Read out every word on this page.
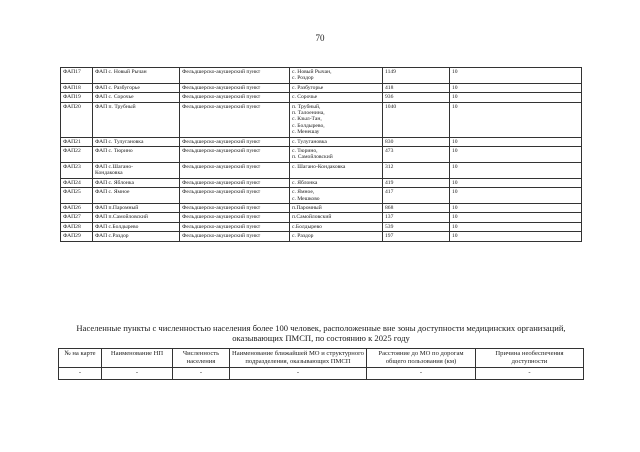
70
ФАП17	ФАП с. Новый Рычан	Фельдшерско-акушерский пункт	с. Новый Рычан,
с. Роздор	1149	10
ФАП18	ФАП с. Разбугорье	Фельдшерско-акушерский пункт	с. Разбугорье	418	10
ФАП19	ФАП с. Сорочье	Фельдшерско-акушерский пункт	с. Сорочье	936	10
ФАП20	ФАП п. Трубный	Фельдшерско-акушерский пункт	п. Трубный,
п. Талоенина,
с. Кзыл-Тан,
с. Болдырево,
с. Менешау	1040	10
ФАП21	ФАП с. Тулугановка	Фельдшерско-акушерский пункт	с. Тулугановка	830	10
ФАП22	ФАП с. Тюрино	Фельдшерско-акушерский пункт	с. Тюрино,
п. Самойловский	473	10
ФАП23	ФАП с.Шагано-
Кондаковка	Фельдшерско-акушерский пункт	с. Шагано-Кондаковка	312	10
ФАП24	ФАП с. Яблонка	Фельдшерско-акушерский пункт	с. Яблонка	419	10
ФАП25	ФАП с. Ямное	Фельдшерско-акушерский пункт	с. Ямное,
с. Мешково	417	10
ФАП26	ФАП п.Паромный	Фельдшерско-акушерский пункт	п.Паромный	868	10
ФАП27	ФАП п.Самойловский	Фельдшерско-акушерский пункт	п.Самойловский	137	10
ФАП28	ФАП с.Болдырево	Фельдшерско-акушерский пункт	с.Болдырево	539	10
ФАП29	ФАП с.Раздор	Фельдшерско-акушерский пункт	с. Раздор	197	10
Населенные пункты с численностью населения более 100 человек, расположенные вне зоны доступности медицинских организаций, оказывающих ПМСП, по состоянию к 2025 году
№ на карте	Наименование НП	Численность населения	Наименование ближайшей МО и структурного подразделения, оказывающих ПМСП	Расстояние до МО по дорогам общего пользования (км)	Причина необеспечения доступности
-	-	-	-	-	-
